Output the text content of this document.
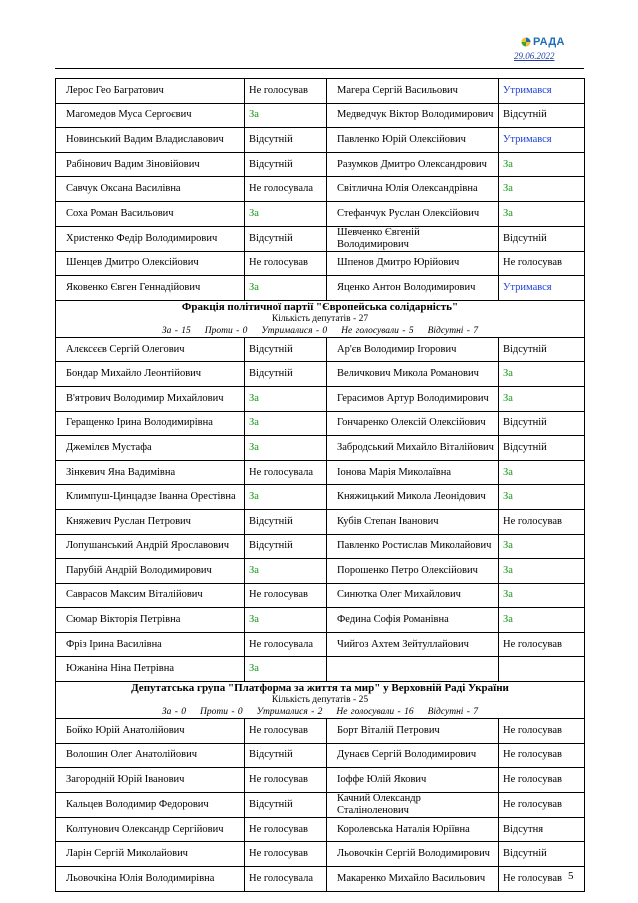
РАДА
29.06.2022
Лерос Гео Багратович	Не голосував	Магера Сергій Васильович	Утримався
Магомедов Муса Сергоєвич	За	Медведчук Віктор Володимирович	Відсутній
Новинський Вадим Владиславович	Відсутній	Павленко Юрій Олексійович	Утримався
Рабінович Вадим Зіновійович	Відсутній	Разумков Дмитро Олександрович	За
Савчук Оксана Василівна	Не голосувала	Світлична Юлія Олександрівна	За
Соха Роман Васильович	За	Стефанчук Руслан Олексійович	За
Христенко Федір Володимирович	Відсутній	Шевченко Євгеній Володимирович	Відсутній
Шенцев Дмитро Олексійович	Не голосував	Шпенов Дмитро Юрійович	Не голосував
Яковенко Євген Геннадійович	За	Яценко Антон Володимирович	Утримався

Фракція політичної партії "Європейська солідарність"
Кількість депутатів - 27
За - 15 Проти - 0 Утрималися - 0 Не голосували - 5 Відсутні - 7			

Алєксєєв Сергій Олегович	Відсутній	Ар'єв Володимир Ігорович	Відсутній
Бондар Михайло Леонтійович	Відсутній	Величкович Микола Романович	За
В'ятрович Володимир Михайлович	За	Герасимов Артур Володимирович	За
Геращенко Ірина Володимирівна	За	Гончаренко Олексій Олексійович	Відсутній
Джемілєв Мустафа	За	Забродський Михайло Віталійович	Відсутній
Зінкевич Яна Вадимівна	Не голосувала	Іонова Марія Миколаївна	За
Климпуш-Цинцадзе Іванна Орестівна	За	Княжицький Микола Леонідович	За
Княжевич Руслан Петрович	Відсутній	Кубів Степан Іванович	Не голосував
Лопушанський Андрій Ярославович	Відсутній	Павленко Ростислав Миколайович	За
Парубій Андрій Володимирович	За	Порошенко Петро Олексійович	За
Саврасов Максим Віталійович	Не голосував	Синютка Олег Михайлович	За
Сюмар Вікторія Петрівна	За	Федина Софія Романівна	За
Фріз Ірина Василівна	Не голосувала	Чийгоз Ахтем Зейтуллайович	Не голосував
Южаніна Ніна Петрівна	За		

Депутатська група "Платформа за життя та мир" у Верховній Раді України
Кількість депутатів - 25
За - 0 Проти - 0 Утрималися - 2 Не голосували - 16 Відсутні - 7			

Бойко Юрій Анатолійович	Не голосував	Борт Віталій Петрович	Не голосував
Волошин Олег Анатолійович	Відсутній	Дунаєв Сергій Володимирович	Не голосував
Загородній Юрій Іванович	Не голосував	Іоффе Юлій Якович	Не голосував
Кальцев Володимир Федорович	Відсутній	Качний Олександр Сталіноленович	Не голосував
Колтунович Олександр Сергійович	Не голосував	Королевська Наталія Юріївна	Відсутня
Ларін Сергій Миколайович	Не голосував	Льовочкін Сергій Володимирович	Відсутній
Льовочкіна Юлія Володимирівна	Не голосувала	Макаренко Михайло Васильович	Не голосував 5
